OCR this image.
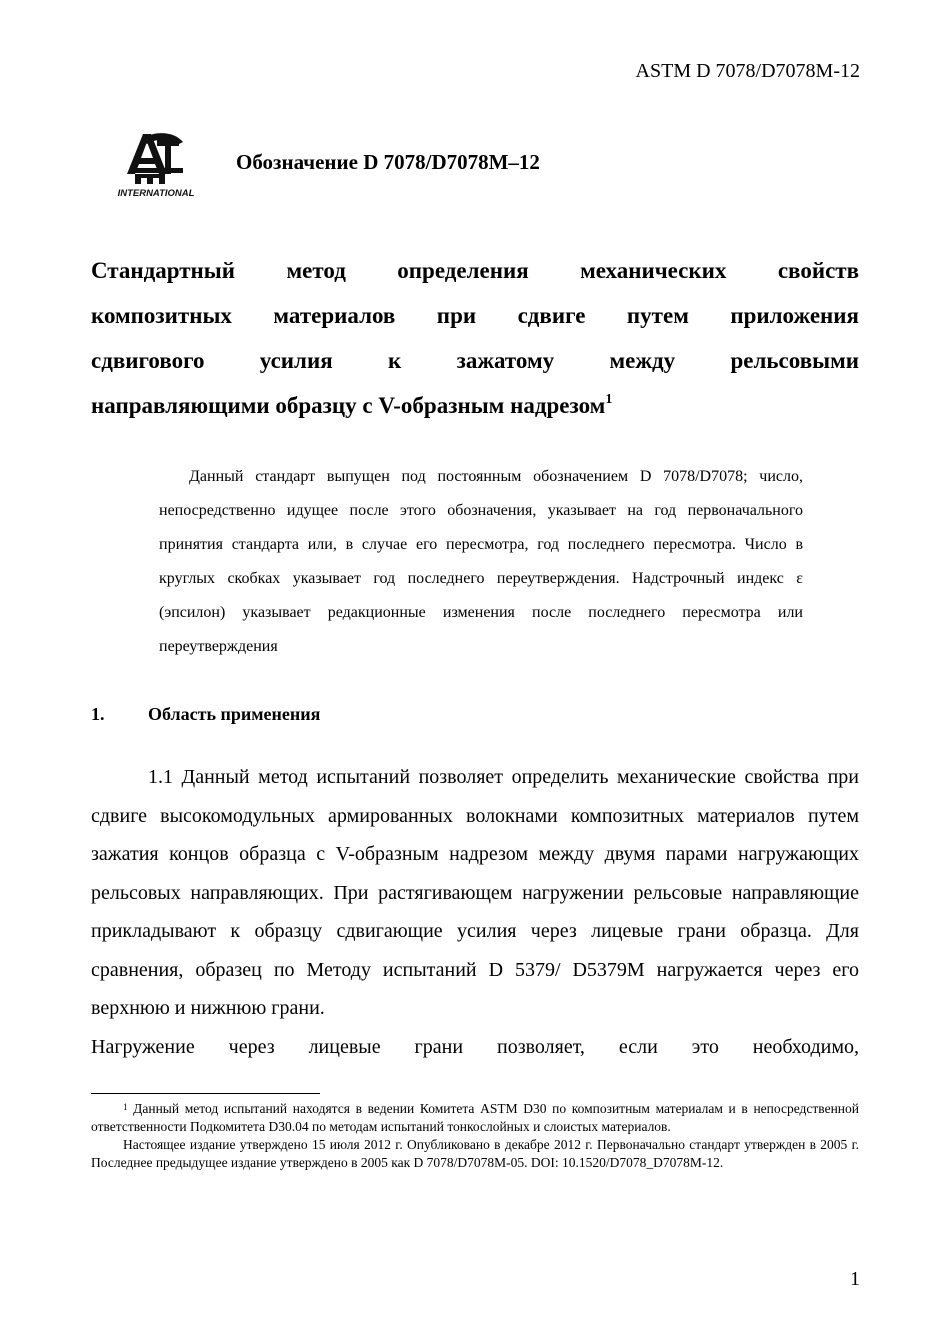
ASTM D 7078/D7078M-12
INTERNATIONAL
Обозначение D 7078/D7078M–12
Стандартный метод определения механических свойств
композитных материалов при сдвиге путем приложения
сдвигового усилия к зажатому между рельсовыми
направляющими образцу с V-образным надрезом$^1$
Данный стандарт выпущен под постоянным обозначением D 7078/D7078; число, непосредственно идущее после этого обозначения, указывает на год первоначального принятия стандарта или, в случае его пересмотра, год последнего пересмотра. Число в круглых скобках указывает год последнего переутверждения. Надстрочный индекс ε (эпсилон) указывает редакционные изменения после последнего пересмотра или переутверждения
1. Область применения
1.1 Данный метод испытаний позволяет определить механические свойства при сдвиге высокомодульных армированных волокнами композитных материалов путем зажатия концов образца с V-образным надрезом между двумя парами нагружающих рельсовых направляющих. При растягивающем нагружении рельсовые направляющие прикладывают к образцу сдвигающие усилия через лицевые грани образца. Для сравнения, образец по Методу испытаний D 5379/ D5379M нагружается через его верхнюю и нижнюю грани.
Нагружение через лицевые грани позволяет, если это необходимо,

$^1$ Данный метод испытаний находятся в ведении Комитета ASTM D30 по композитным материалам и в непосредственной ответственности Подкомитета D30.04 по методам испытаний тонкослойных и слоистых материалов.

Настоящее издание утверждено 15 июля 2012 г. Опубликовано в декабре 2012 г. Первоначально стандарт утвержден в 2005 г. Последнее предыдущее издание утверждено в 2005 как D 7078/D7078M-05. DOI: 10.1520/D7078_D7078M-12.

1
